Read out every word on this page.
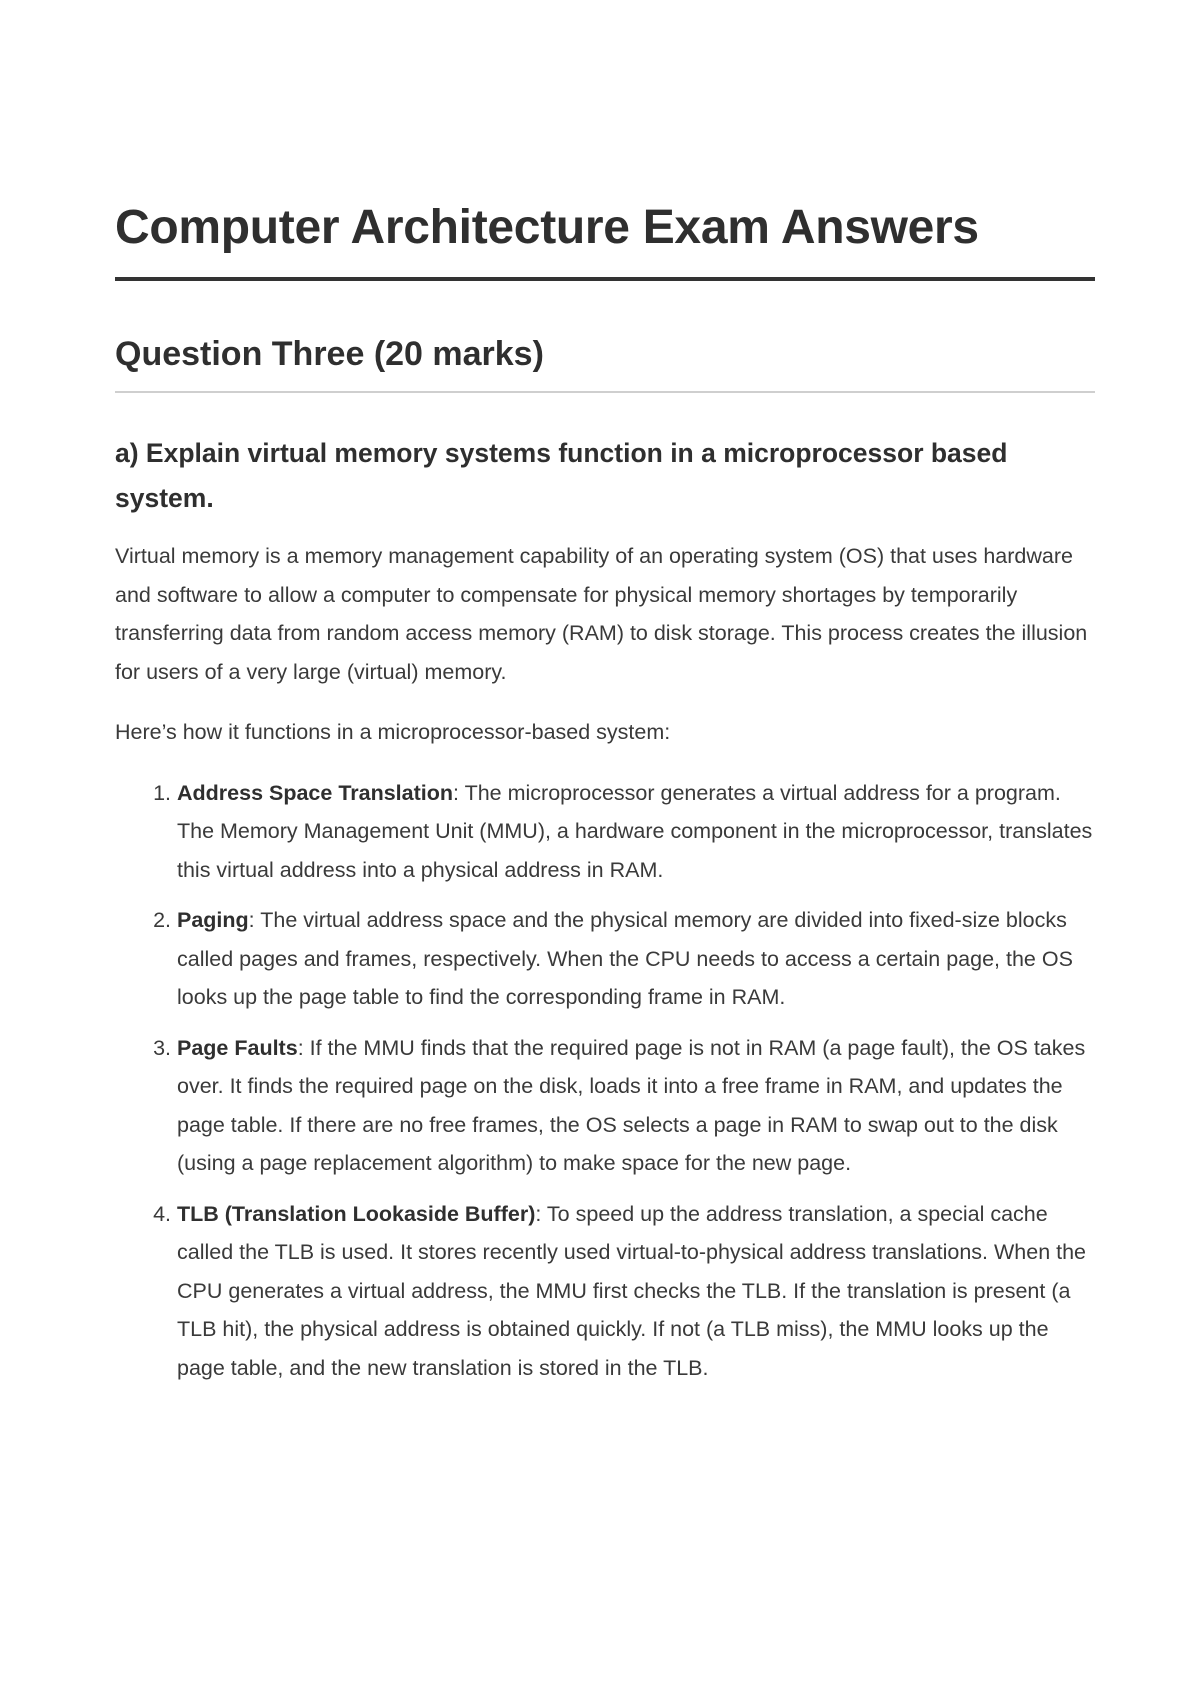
Computer Architecture Exam Answers
Question Three (20 marks)
a) Explain virtual memory systems function in a microprocessor based system.

Virtual memory is a memory management capability of an operating system (OS) that uses hardware and software to allow a computer to compensate for physical memory shortages by temporarily transferring data from random access memory (RAM) to disk storage. This process creates the illusion for users of a very large (virtual) memory.

Here’s how it functions in a microprocessor-based system:

1. Address Space Translation: The microprocessor generates a virtual address for a program. The Memory Management Unit (MMU), a hardware component in the microprocessor, translates this virtual address into a physical address in RAM.
2. Paging: The virtual address space and the physical memory are divided into fixed-size blocks called pages and frames, respectively. When the CPU needs to access a certain page, the OS looks up the page table to find the corresponding frame in RAM.
3. Page Faults: If the MMU finds that the required page is not in RAM (a page fault), the OS takes over. It finds the required page on the disk, loads it into a free frame in RAM, and updates the page table. If there are no free frames, the OS selects a page in RAM to swap out to the disk (using a page replacement algorithm) to make space for the new page.
4. TLB (Translation Lookaside Buffer): To speed up the address translation, a special cache called the TLB is used. It stores recently used virtual-to-physical address translations. When the CPU generates a virtual address, the MMU first checks the TLB. If the translation is present (a TLB hit), the physical address is obtained quickly. If not (a TLB miss), the MMU looks up the page table, and the new translation is stored in the TLB.
